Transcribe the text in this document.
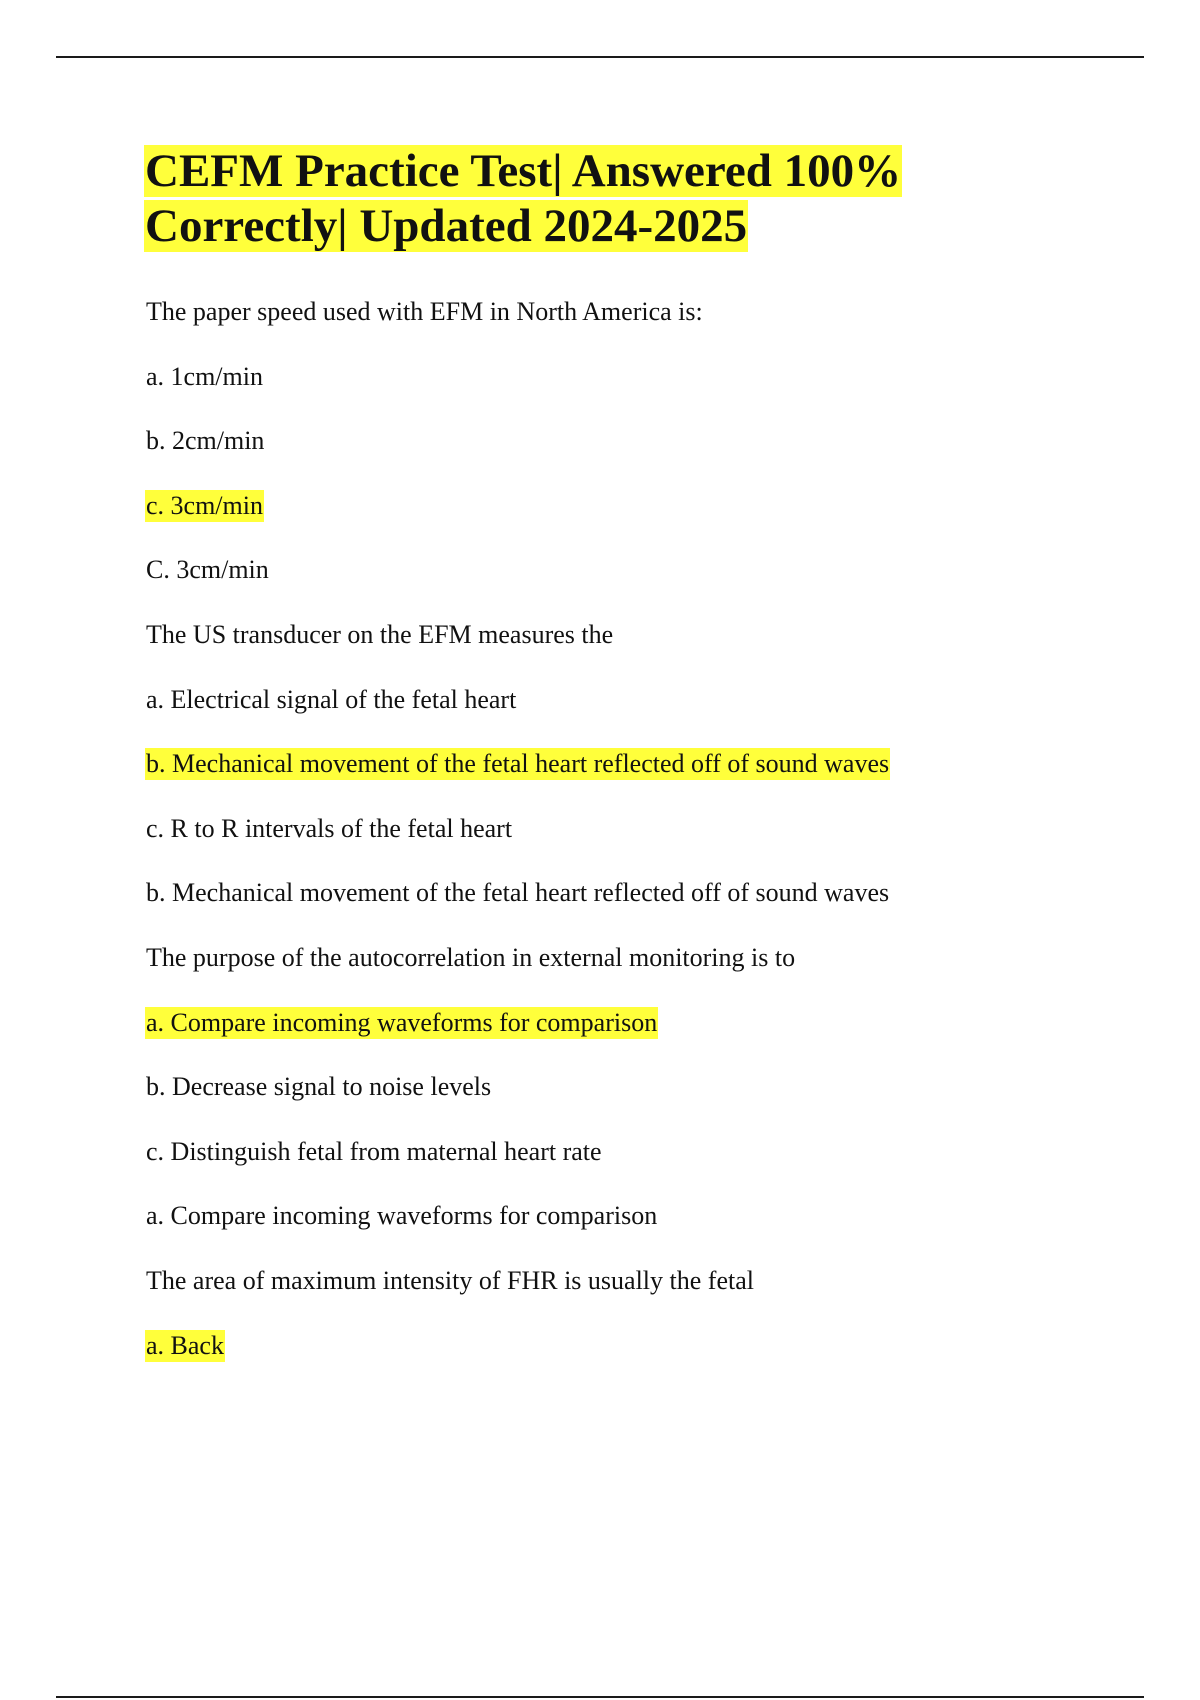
CEFM Practice Test| Answered 100% Correctly| Updated 2024-2025
The paper speed used with EFM in North America is:
a. 1cm/min
b. 2cm/min
c. 3cm/min
C. 3cm/min
The US transducer on the EFM measures the
a. Electrical signal of the fetal heart
b. Mechanical movement of the fetal heart reflected off of sound waves
c. R to R intervals of the fetal heart
b. Mechanical movement of the fetal heart reflected off of sound waves
The purpose of the autocorrelation in external monitoring is to
a. Compare incoming waveforms for comparison
b. Decrease signal to noise levels
c. Distinguish fetal from maternal heart rate
a. Compare incoming waveforms for comparison
The area of maximum intensity of FHR is usually the fetal
a. Back
